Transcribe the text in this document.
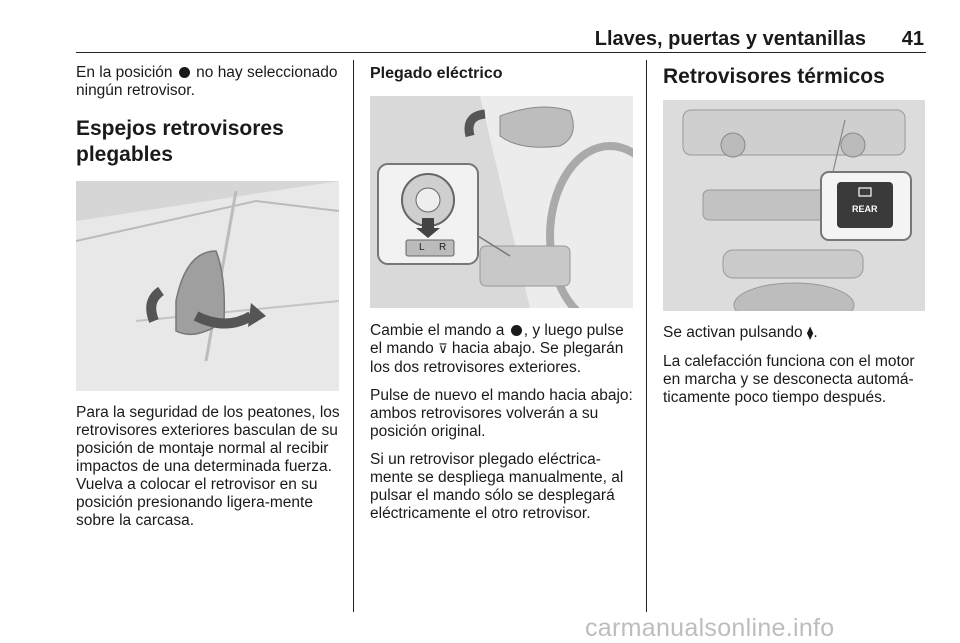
Llaves, puertas y ventanillas 41

En la posición no hay seleccionado ningún retrovisor.

Espejos retrovisores plegables

Para la seguridad de los peatones, los retrovisores exteriores basculan de su posición de montaje normal al recibir impactos de una determinada fuerza. Vuelva a colocar el retrovisor en su posición presionando ligera-mente sobre la carcasa.

Plegado eléctrico
L R

Cambie el mando a , y luego pulse el mando ⊽ hacia abajo. Se plegarán los dos retrovisores exteriores.

Pulse de nuevo el mando hacia abajo: ambos retrovisores volverán a su posición original.

Si un retrovisor plegado eléctrica-mente se despliega manualmente, al pulsar el mando sólo se desplegará eléctricamente el otro retrovisor.

Retrovisores térmicos
REAR

Se activan pulsando ⧫.

La calefacción funciona con el motor en marcha y se desconecta automá-ticamente poco tiempo después.

carmanualsonline.info
